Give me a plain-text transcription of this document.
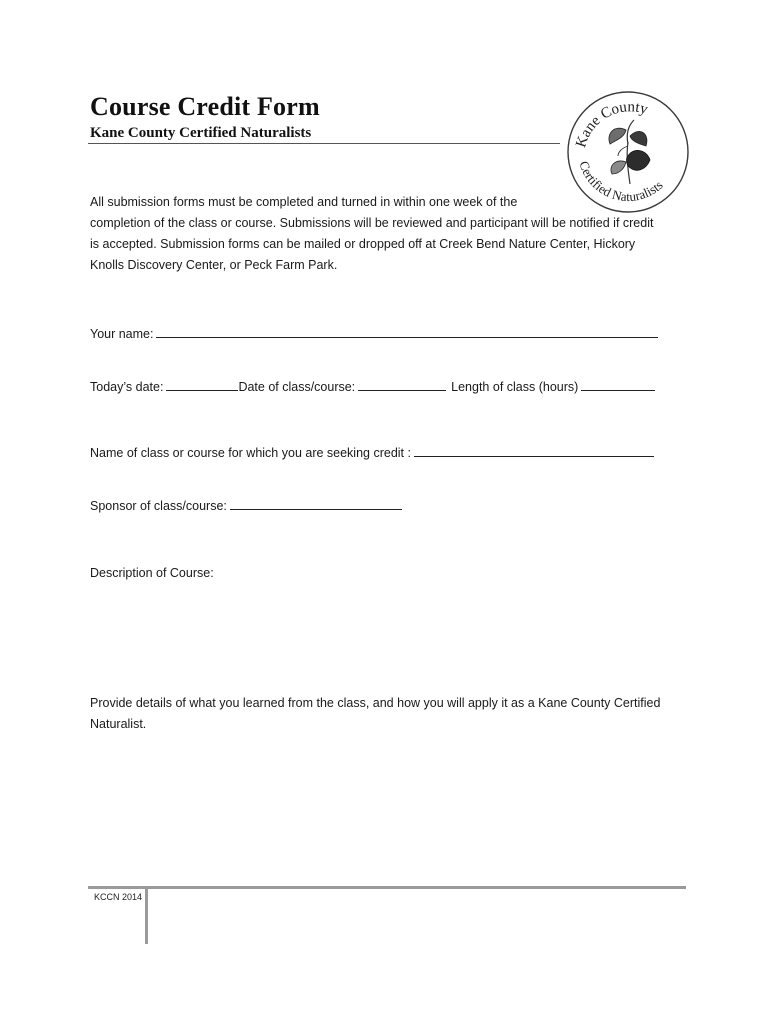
Course Credit Form
Kane County Certified Naturalists
Kane County
Certified Naturalists
All submission forms must be completed and turned in within one week of the
completion of the class or course. Submissions will be reviewed and participant will be notified if credit
is accepted. Submission forms can be mailed or dropped off at Creek Bend Nature Center, Hickory
Knolls Discovery Center, or Peck Farm Park.
Your name:
Today’s date:	Date of class/course:	Length of class (hours)
Name of class or course for which you are seeking credit :
Sponsor of class/course:
Description of Course:
Provide details of what you learned from the class, and how you will apply it as a Kane County Certified
Naturalist.
KCCN 2014
